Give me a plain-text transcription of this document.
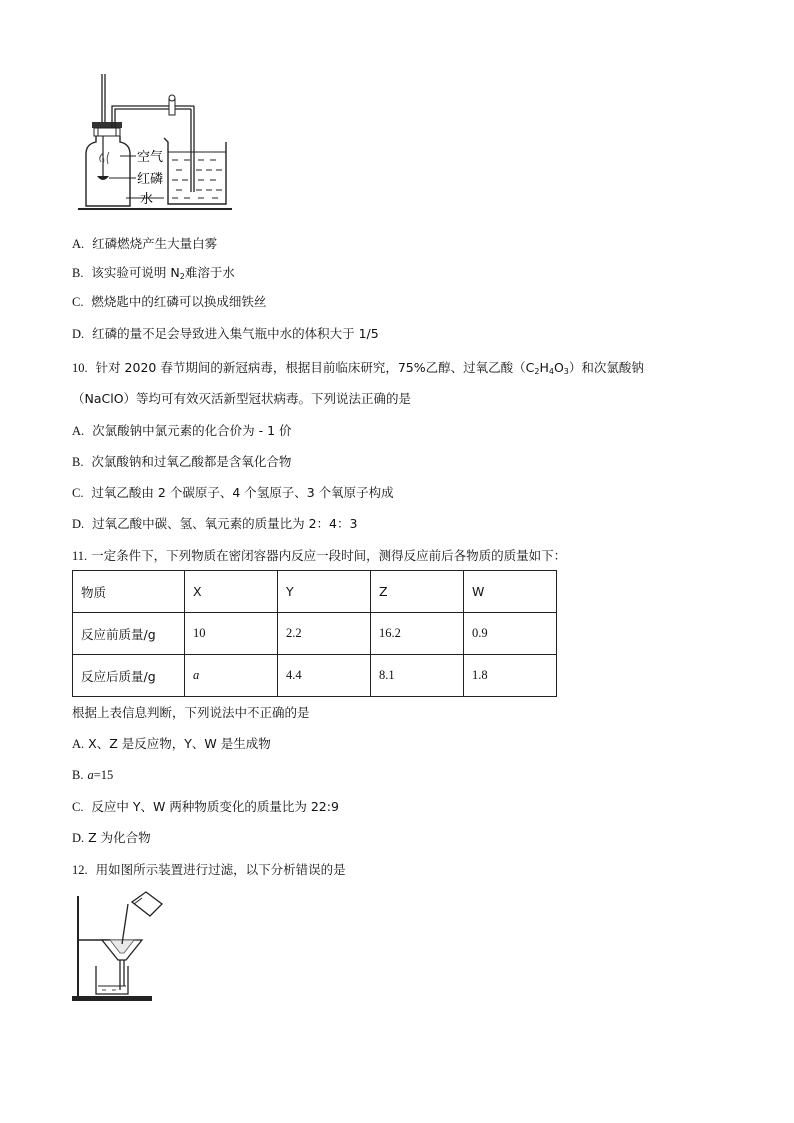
空气
红磷
水
A. 红磷燃烧产生大量白雾
B. 该实验可说明 $N_2$难溶于水
C. 燃烧匙中的红磷可以换成细铁丝
D. 红磷的量不足会导致进入集气瓶中水的体积大于 1/5
10. 针对 2020 春节期间的新冠病毒，根据目前临床研究，75%乙醇、过氧乙酸$(C_2H_4O_3)$和次氯酸钠
（NaClO）等均可有效灭活新型冠状病毒。下列说法正确的是
A. 次氯酸钠中氯元素的化合价为 - 1 价
B. 次氯酸钠和过氧乙酸都是含氧化合物
C. 过氧乙酸由 2 个碳原子、4 个氢原子、3 个氧原子构成
D. 过氧乙酸中碳、氢、氧元素的质量比为 2：4：3
11. 一定条件下，下列物质在密闭容器内反应一段时间，测得反应前后各物质的质量如下：
物质	X	Y	Z	W
反应前质量/g	10	2.2	16.2	0.9
反应后质量/g	a	4.4	8.1	1.8
根据上表信息判断，下列说法中不正确的是
A. X、Z 是反应物，Y、W 是生成物
B. a=15
C. 反应中 Y、W 两种物质变化的质量比为 22:9
D. Z 为化合物
12. 用如图所示装置进行过滤，以下分析错误的是
